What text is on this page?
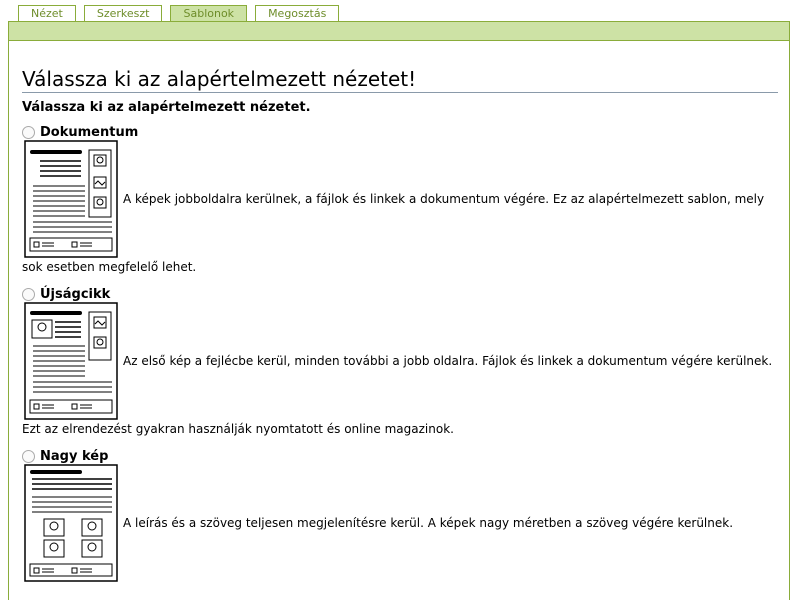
Nézet	Szerkeszt	Sablonok	Megosztás
Válassza ki az alapértelmezett nézetet!
Válassza ki az alapértelmezett nézetet.
Dokumentum
A képek jobboldalra kerülnek, a fájlok és linkek a dokumentum végére. Ez az alapértelmezett sablon, mely
sok esetben megfelelő lehet.
Újságcikk
Az első kép a fejlécbe kerül, minden további a jobb oldalra. Fájlok és linkek a dokumentum végére kerülnek.
Ezt az elrendezést gyakran használják nyomtatott és online magazinok.
Nagy kép
A leírás és a szöveg teljesen megjelenítésre kerül. A képek nagy méretben a szöveg végére kerülnek.
